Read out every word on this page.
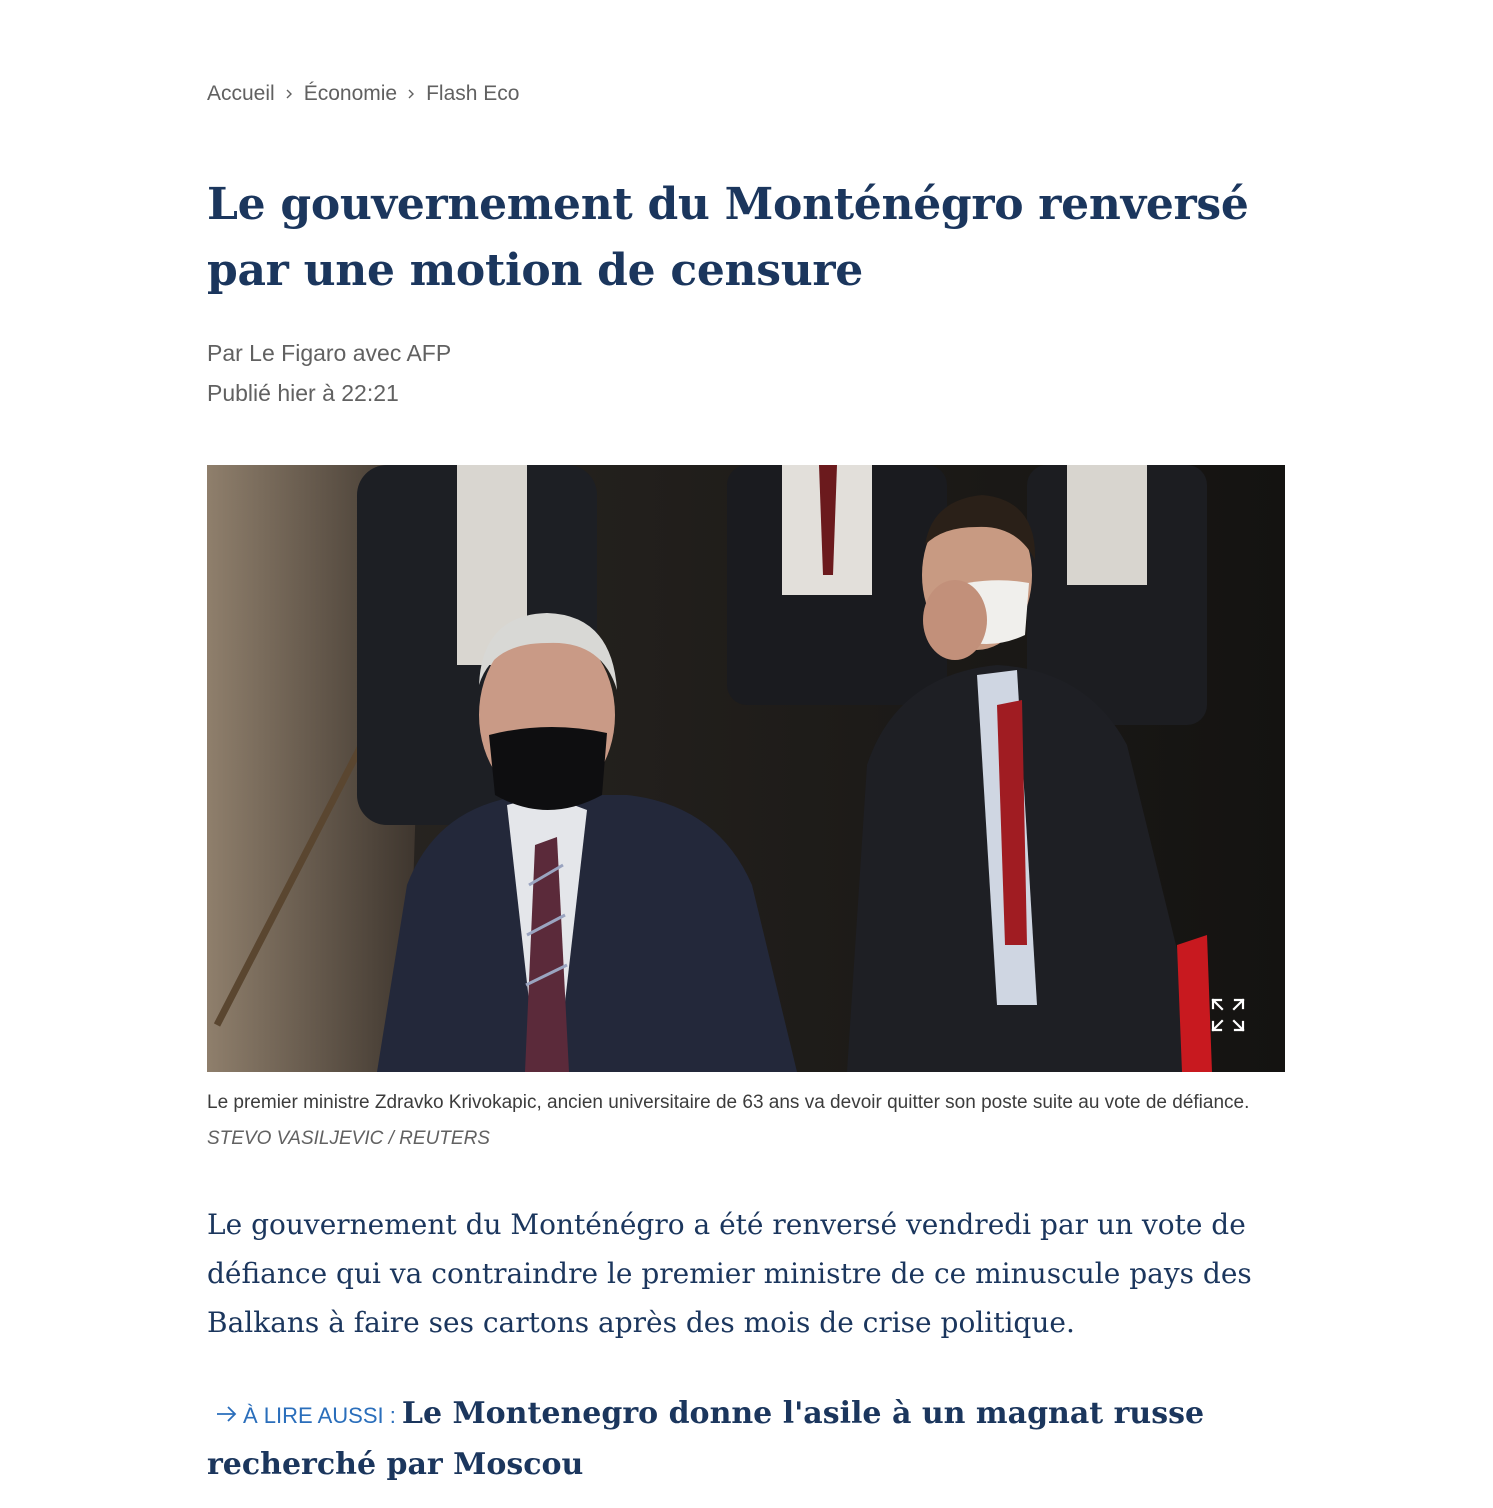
Accueil Économie Flash Eco
Le gouvernement du Monténégro renversé par une motion de censure
Par Le Figaro avec AFP
Publié hier à 22:21
Le premier ministre Zdravko Krivokapic, ancien universitaire de 63 ans va devoir quitter son poste suite au vote de défiance. STEVO VASILJEVIC / REUTERS

Le gouvernement du Monténégro a été renversé vendredi par un vote de défiance qui va contraindre le premier ministre de ce minuscule pays des Balkans à faire ses cartons après des mois de crise politique.

À LIRE AUSSI : Le Montenegro donne l'asile à un magnat russe recherché par Moscou
